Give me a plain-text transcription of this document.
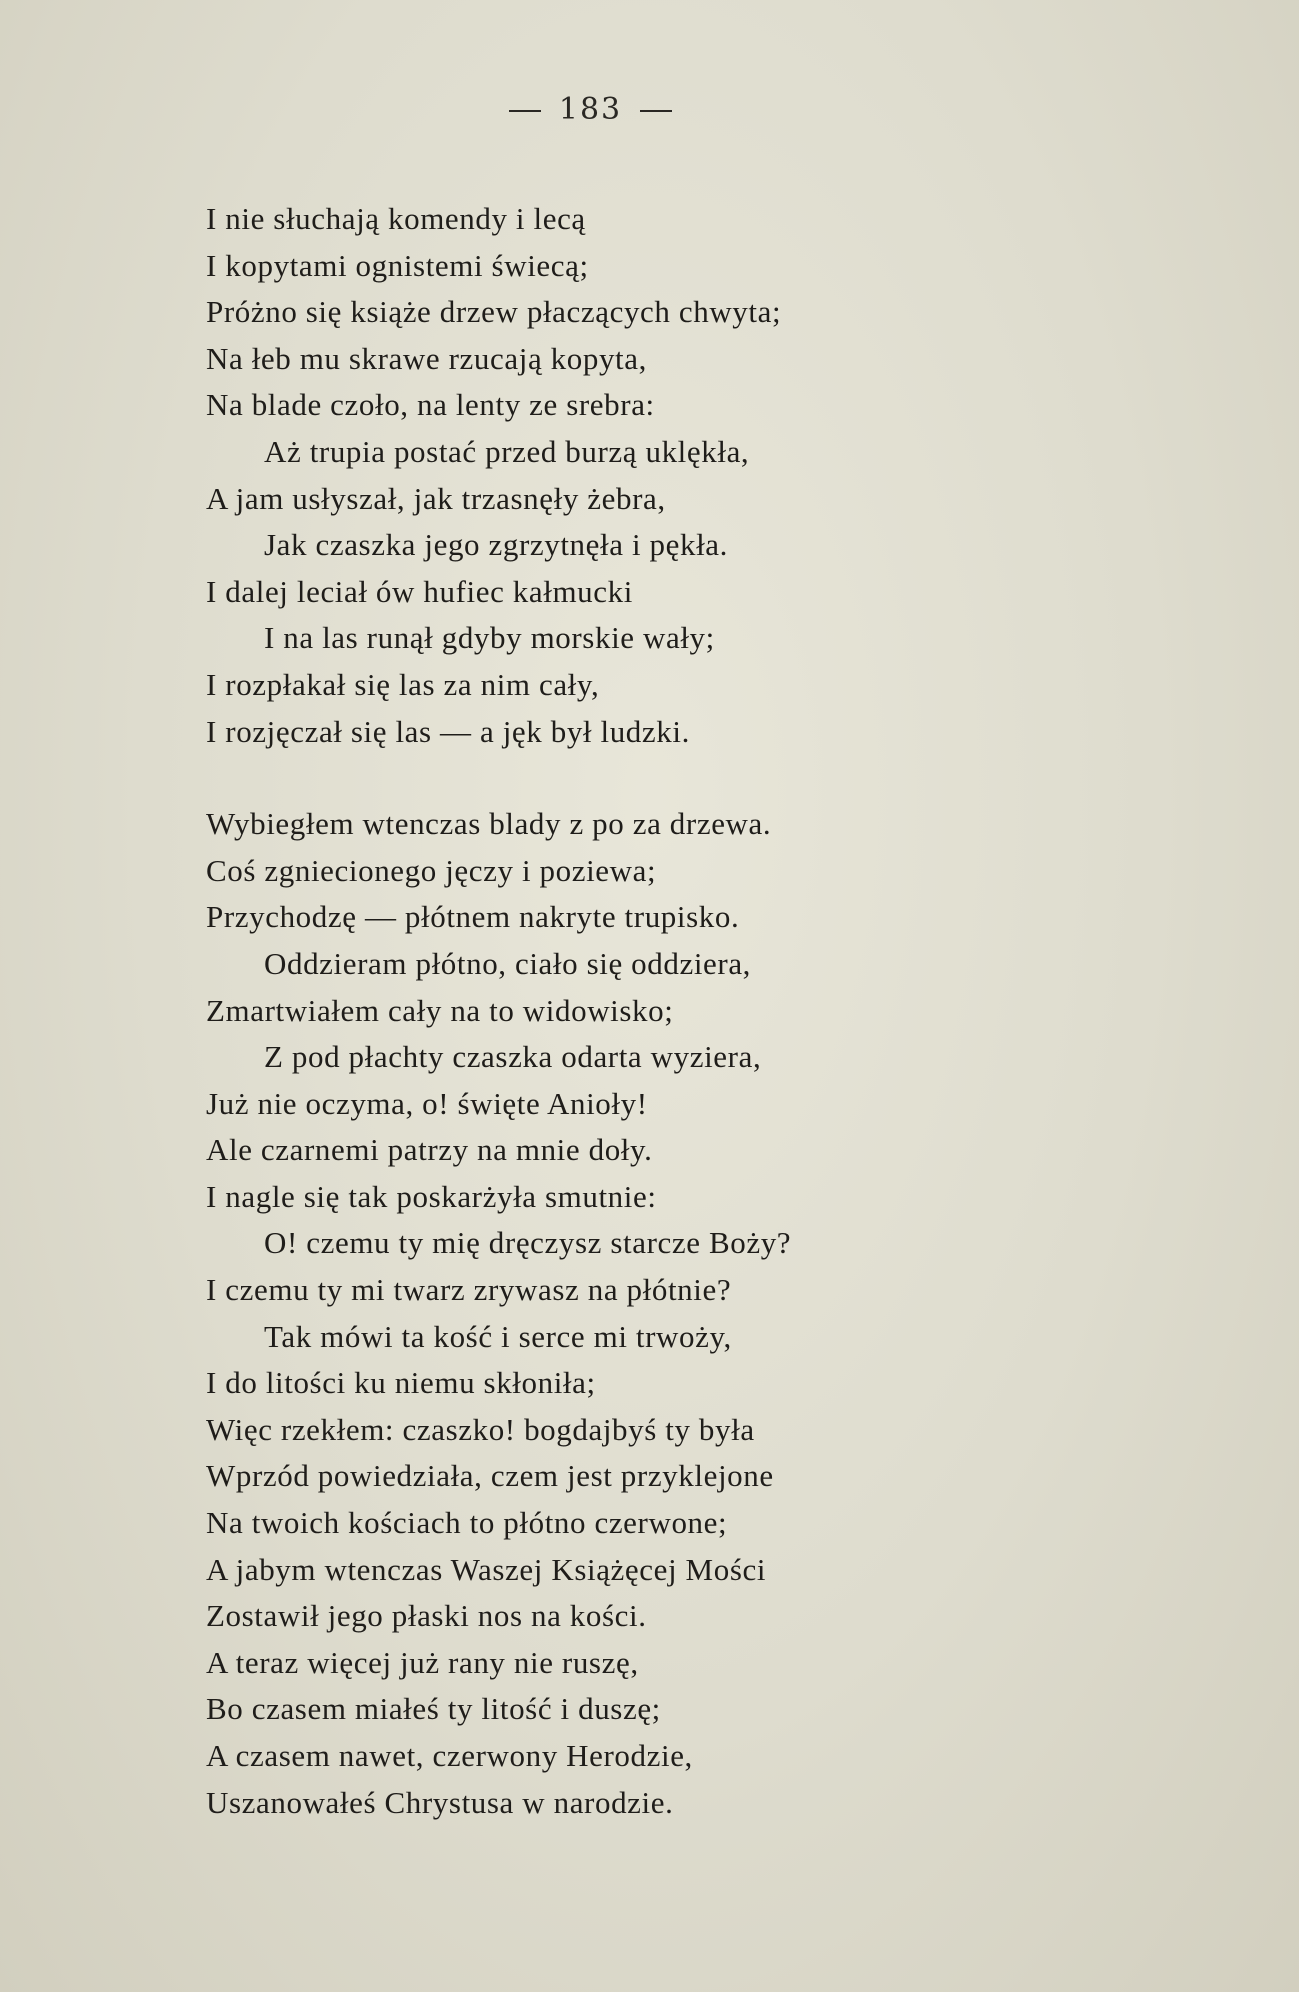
183
I nie słuchają komendy i lecą
I kopytami ognistemi świecą;
Próżno się książe drzew płaczących chwyta;
Na łeb mu skrawe rzucają kopyta,
Na blade czoło, na lenty ze srebra:
Aż trupia postać przed burzą uklękła,
A jam usłyszał, jak trzasnęły żebra,
Jak czaszka jego zgrzytnęła i pękła.
I dalej leciał ów hufiec kałmucki
I na las runął gdyby morskie wały;
I rozpłakał się las za nim cały,
I rozjęczał się las — a jęk był ludzki.
Wybiegłem wtenczas blady z po za drzewa.
Coś zgniecionego jęczy i poziewa;
Przychodzę — płótnem nakryte trupisko.
Oddzieram płótno, ciało się oddziera,
Zmartwiałem cały na to widowisko;
Z pod płachty czaszka odarta wyziera,
Już nie oczyma, o! święte Anioły!
Ale czarnemi patrzy na mnie doły.
I nagle się tak poskarżyła smutnie:
O! czemu ty mię dręczysz starcze Boży?
I czemu ty mi twarz zrywasz na płótnie?
Tak mówi ta kość i serce mi trwoży,
I do litości ku niemu skłoniła;
Więc rzekłem: czaszko! bogdajbyś ty była
Wprzód powiedziała, czem jest przyklejone
Na twoich kościach to płótno czerwone;
A jabym wtenczas Waszej Książęcej Mości
Zostawił jego płaski nos na kości.
A teraz więcej już rany nie ruszę,
Bo czasem miałeś ty litość i duszę;
A czasem nawet, czerwony Herodzie,
Uszanowałeś Chrystusa w narodzie.
